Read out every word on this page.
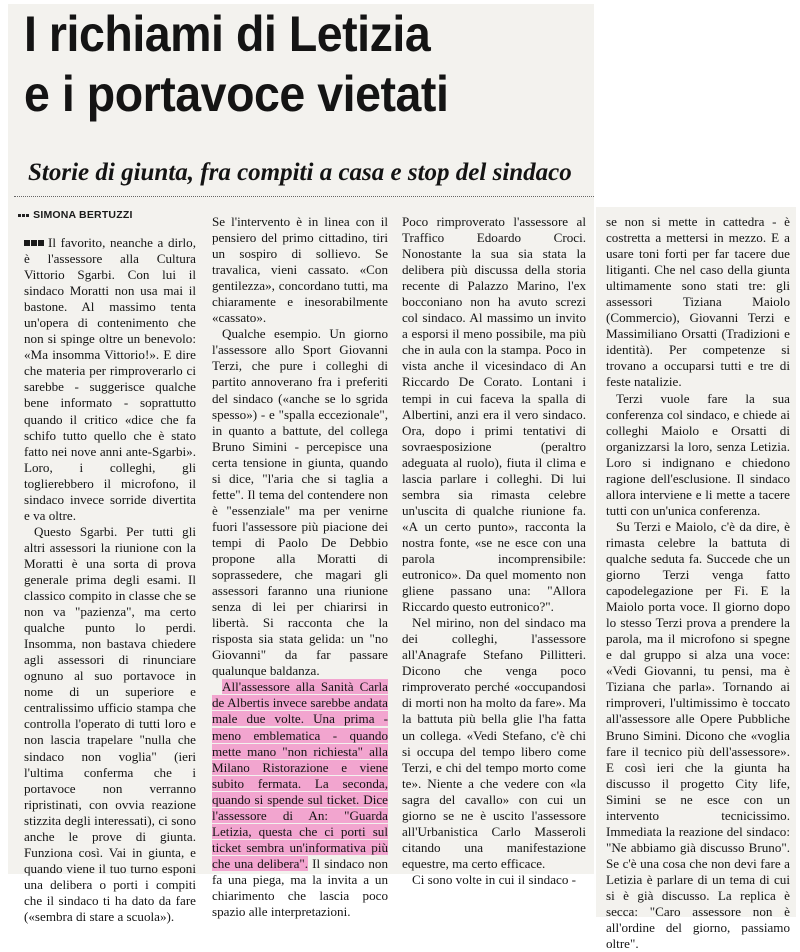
I richiami di Letizia
e i portavoce vietati
Storie di giunta, fra compiti a casa e stop del sindaco
SIMONA BERTUZZI

Il favorito, neanche a dirlo, è l'assessore alla Cultura Vittorio Sgarbi. Con lui il sindaco Moratti non usa mai il bastone. Al massimo tenta un'opera di contenimento che non si spinge oltre un benevolo: «Ma insomma Vittorio!». E dire che materia per rimproverarlo ci sarebbe - suggerisce qualche bene informato - soprattutto quando il critico «dice che fa schifo tutto quello che è stato fatto nei nove anni ante-Sgarbi». Loro, i colleghi, gli toglierebbero il microfono, il sindaco invece sorride divertita e va oltre.

Questo Sgarbi. Per tutti gli altri assessori la riunione con la Moratti è una sorta di prova generale prima degli esami. Il classico compito in classe che se non va "pazienza", ma certo qualche punto lo perdi. Insomma, non bastava chiedere agli assessori di rinunciare ognuno al suo portavoce in nome di un superiore e centralissimo ufficio stampa che controlla l'operato di tutti loro e non lascia trapelare "nulla che sindaco non voglia" (ieri l'ultima conferma che i portavoce non verranno ripristinati, con ovvia reazione stizzita degli interessati), ci sono anche le prove di giunta. Funziona così. Vai in giunta, e quando viene il tuo turno esponi una delibera o porti i compiti che il sindaco ti ha dato da fare («sembra di stare a scuola»).

Se l'intervento è in linea con il pensiero del primo cittadino, tiri un sospiro di sollievo. Se travalica, vieni cassato. «Con gentilezza», concordano tutti, ma chiaramente e inesorabilmente «cassato».

Qualche esempio. Un giorno l'assessore allo Sport Giovanni Terzi, che pure i colleghi di partito annoverano fra i preferiti del sindaco («anche se lo sgrida spesso») - e "spalla eccezionale", in quanto a battute, del collega Bruno Simini - percepisce una certa tensione in giunta, quando si dice, "l'aria che si taglia a fette". Il tema del contendere non è "essenziale" ma per venirne fuori l'assessore più piacione dei tempi di Paolo De Debbio propone alla Moratti di soprassedere, che magari gli assessori faranno una riunione senza di lei per chiarirsi in libertà. Si racconta che la risposta sia stata gelida: un "no Giovanni" da far passare qualunque baldanza.

All'assessore alla Sanità Carla de Albertis invece sarebbe andata male due volte. Una prima - meno emblematica - quando mette mano "non richiesta" alla Milano Ristorazione e viene subito fermata. La seconda, quando si spende sul ticket. Dice l'assessore di An: "Guarda Letizia, questa che ci porti sul ticket sembra un'informativa più che una delibera". Il sindaco non fa una piega, ma la invita a un chiarimento che lascia poco spazio alle interpretazioni.

Poco rimproverato l'assessore al Traffico Edoardo Croci. Nonostante la sua sia stata la delibera più discussa della storia recente di Palazzo Marino, l'ex bocconiano non ha avuto screzi col sindaco. Al massimo un invito a esporsi il meno possibile, ma più che in aula con la stampa. Poco in vista anche il vicesindaco di An Riccardo De Corato. Lontani i tempi in cui faceva la spalla di Albertini, anzi era il vero sindaco. Ora, dopo i primi tentativi di sovraesposizione (peraltro adeguata al ruolo), fiuta il clima e lascia parlare i colleghi. Di lui sembra sia rimasta celebre un'uscita di qualche riunione fa. «A un certo punto», racconta la nostra fonte, «se ne esce con una parola incomprensibile: eutronico». Da quel momento non gliene passano una: "Allora Riccardo questo eutronico?".

Nel mirino, non del sindaco ma dei colleghi, l'assessore all'Anagrafe Stefano Pillitteri. Dicono che venga poco rimproverato perché «occupandosi di morti non ha molto da fare». Ma la battuta più bella glie l'ha fatta un collega. «Vedi Stefano, c'è chi si occupa del tempo libero come Terzi, e chi del tempo morto come te». Niente a che vedere con «la sagra del cavallo» con cui un giorno se ne è uscito l'assessore all'Urbanistica Carlo Masseroli citando una manifestazione equestre, ma certo efficace.

Ci sono volte in cui il sindaco -

se non si mette in cattedra - è costretta a mettersi in mezzo. E a usare toni forti per far tacere due litiganti. Che nel caso della giunta ultimamente sono stati tre: gli assessori Tiziana Maiolo (Commercio), Giovanni Terzi e Massimiliano Orsatti (Tradizioni e identità). Per competenze si trovano a occuparsi tutti e tre di feste natalizie.

Terzi vuole fare la sua conferenza col sindaco, e chiede ai colleghi Maiolo e Orsatti di organizzarsi la loro, senza Letizia. Loro si indignano e chiedono ragione dell'esclusione. Il sindaco allora interviene e li mette a tacere tutti con un'unica conferenza.

Su Terzi e Maiolo, c'è da dire, è rimasta celebre la battuta di qualche seduta fa. Succede che un giorno Terzi venga fatto capodelegazione per Fi. E la Maiolo porta voce. Il giorno dopo lo stesso Terzi prova a prendere la parola, ma il microfono si spegne e dal gruppo si alza una voce: «Vedi Giovanni, tu pensi, ma è Tiziana che parla». Tornando ai rimproveri, l'ultimissimo è toccato all'assessore alle Opere Pubbliche Bruno Simini. Dicono che «voglia fare il tecnico più dell'assessore». E così ieri che la giunta ha discusso il progetto City life, Simini se ne esce con un intervento tecnicissimo. Immediata la reazione del sindaco: "Ne abbiamo già discusso Bruno". Se c'è una cosa che non devi fare a Letizia è parlare di un tema di cui si è già discusso. La replica è secca: "Caro assessore non è all'ordine del giorno, passiamo oltre".
